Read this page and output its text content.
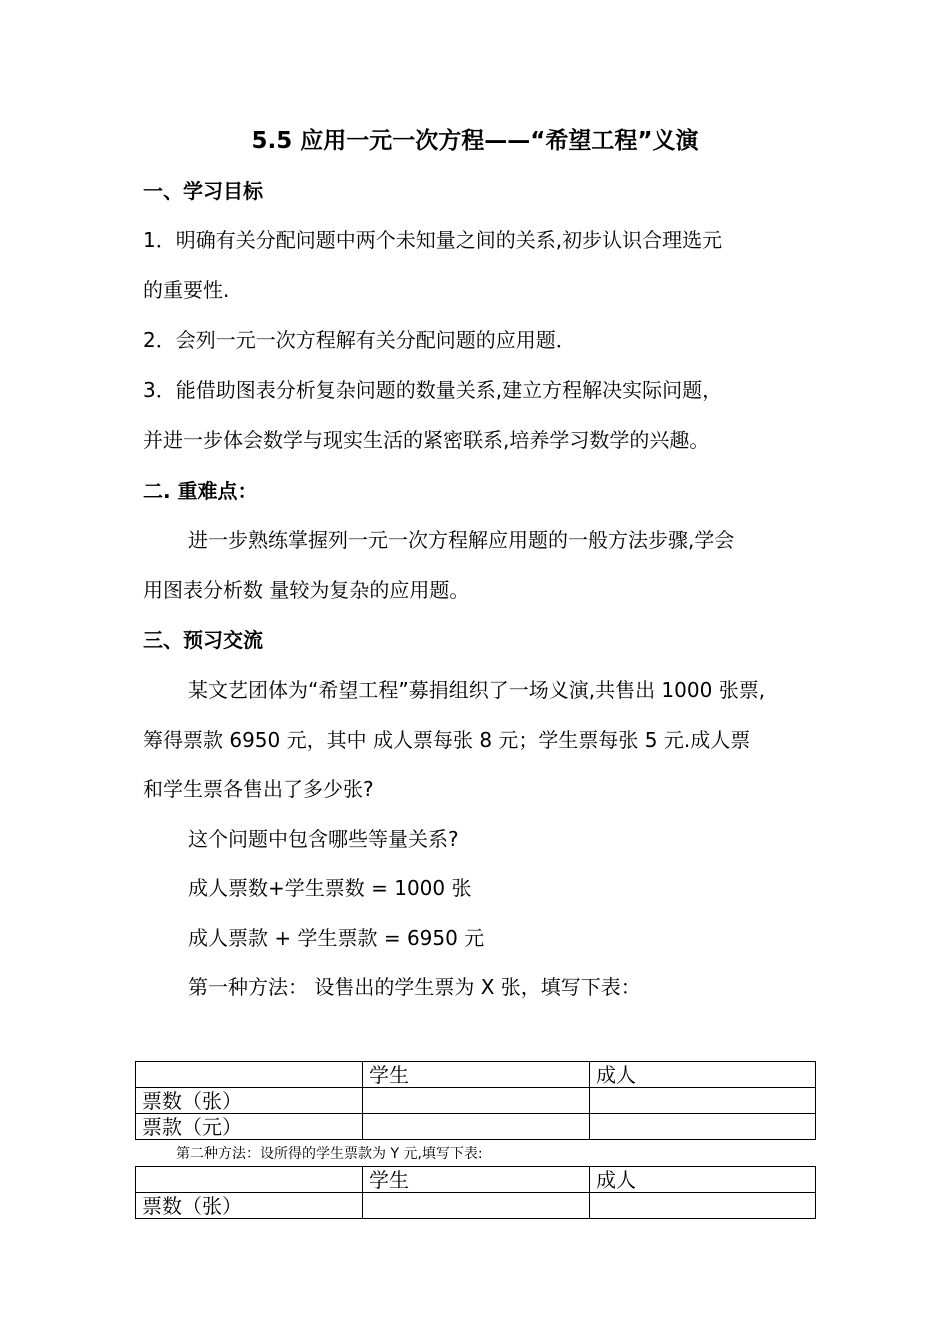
5.5 应用一元一次方程——“希望工程”义演
一、学习目标
1．明确有关分配问题中两个未知量之间的关系,初步认识合理选元
的重要性.
2．会列一元一次方程解有关分配问题的应用题．
3．能借助图表分析复杂问题的数量关系,建立方程解决实际问题，
并进一步体会数学与现实生活的紧密联系,培养学习数学的兴趣。
二. 重难点：
进一步熟练掌握列一元一次方程解应用题的一般方法步骤,学会
用图表分析数 量较为复杂的应用题。
三、预习交流
某文艺团体为“希望工程”募捐组织了一场义演,共售出 1000 张票,
筹得票款 6950 元，其中 成人票每张 8 元；学生票每张 5 元.成人票
和学生票各售出了多少张?
这个问题中包含哪些等量关系?
成人票数+学生票数 = 1000 张
成人票款 + 学生票款 = 6950 元
第一种方法： 设售出的学生票为 X 张，填写下表：
	学生	成人
票数（张）		
票款（元）		
第二种方法：设所得的学生票款为 Y 元,填写下表:
	学生	成人
票数（张）		
